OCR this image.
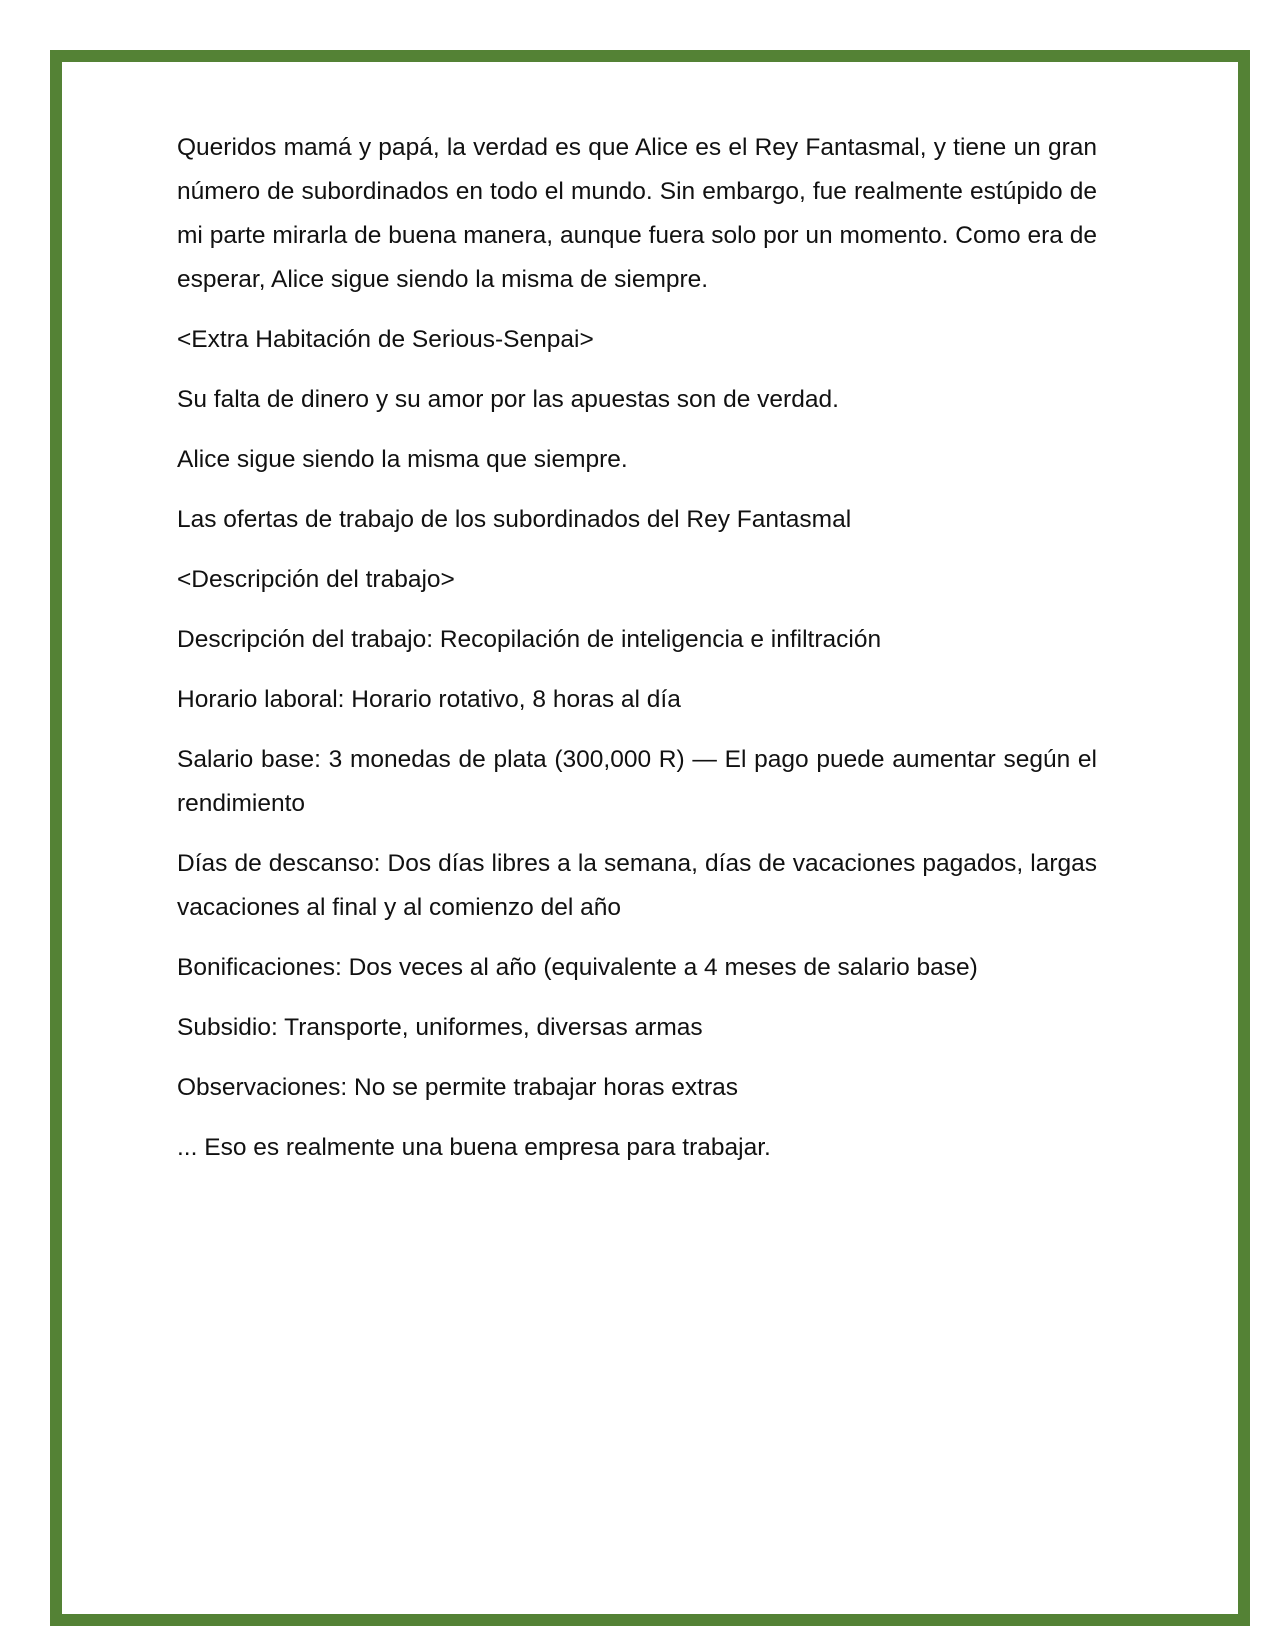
Queridos mamá y papá, la verdad es que Alice es el Rey Fantasmal, y tiene un gran número de subordinados en todo el mundo. Sin embargo, fue realmente estúpido de mi parte mirarla de buena manera, aunque fuera solo por un momento. Como era de esperar, Alice sigue siendo la misma de siempre.

<Extra Habitación de Serious-Senpai>

Su falta de dinero y su amor por las apuestas son de verdad.

Alice sigue siendo la misma que siempre.

Las ofertas de trabajo de los subordinados del Rey Fantasmal

<Descripción del trabajo>

Descripción del trabajo: Recopilación de inteligencia e infiltración

Horario laboral: Horario rotativo, 8 horas al día

Salario base: 3 monedas de plata (300,000 R) — El pago puede aumentar según el rendimiento

Días de descanso: Dos días libres a la semana, días de vacaciones pagados, largas vacaciones al final y al comienzo del año

Bonificaciones: Dos veces al año (equivalente a 4 meses de salario base)

Subsidio: Transporte, uniformes, diversas armas

Observaciones: No se permite trabajar horas extras

... Eso es realmente una buena empresa para trabajar.
